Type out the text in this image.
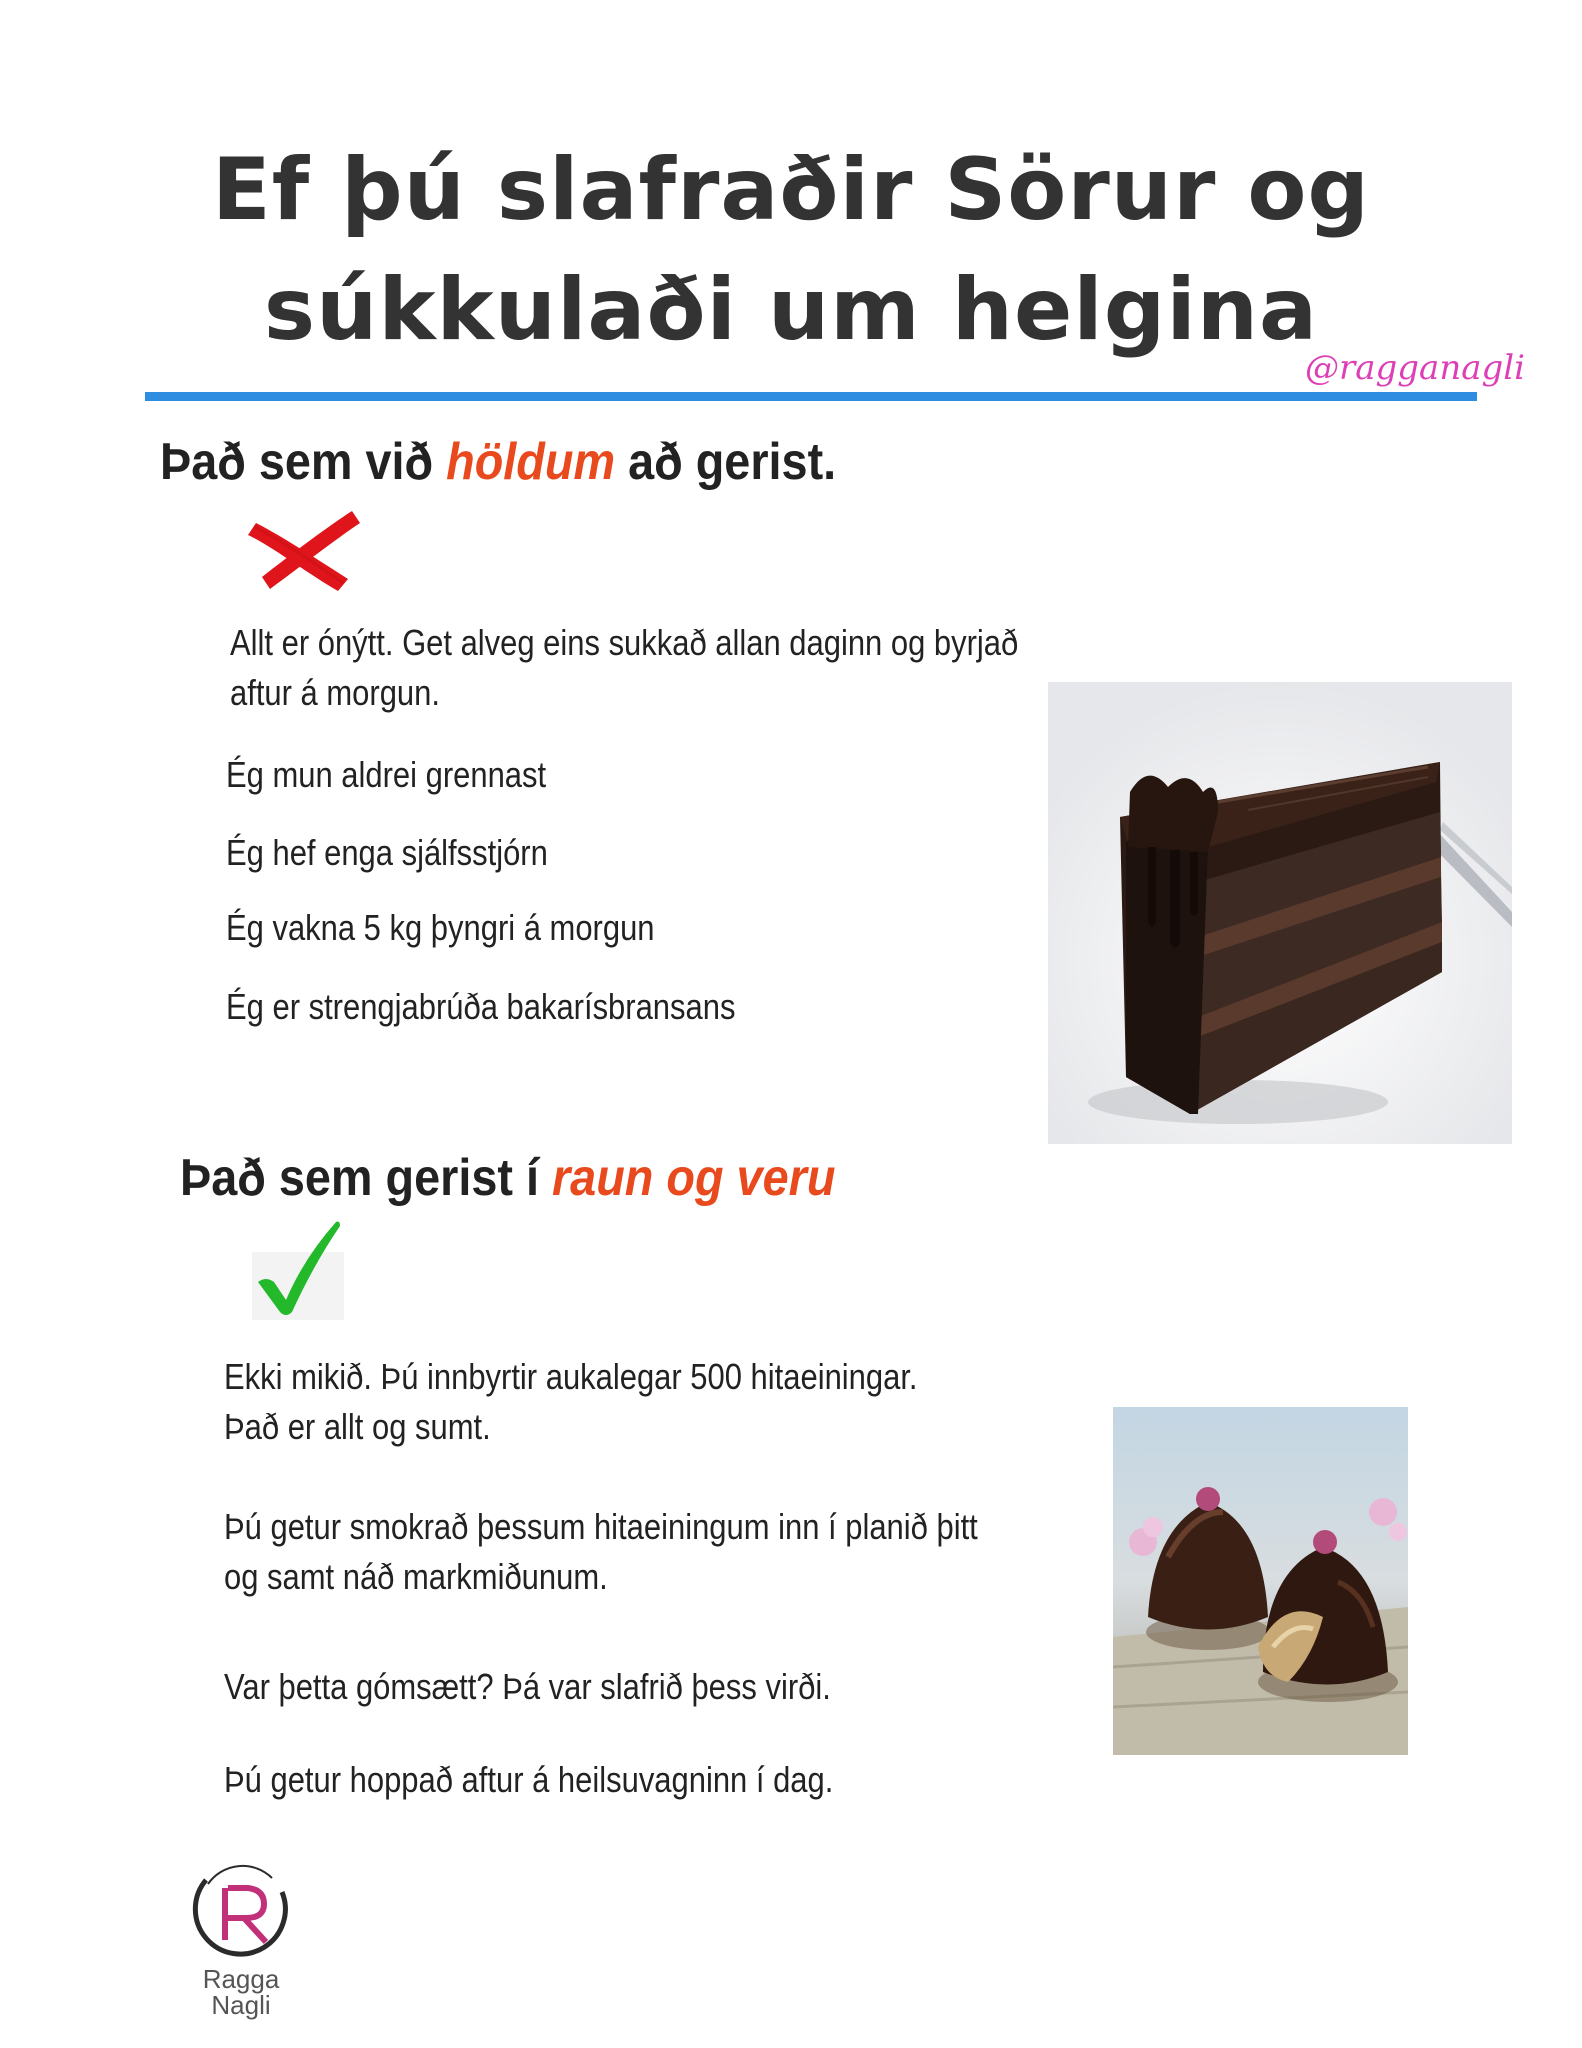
Ef þú slafraðir Sörur og
súkkulaði um helgina
@ragganagli
Það sem við höldum að gerist.
Allt er ónýtt. Get alveg eins sukkað allan daginn og byrjað
aftur á morgun.
Ég mun aldrei grennast
Ég hef enga sjálfsstjórn
Ég vakna 5 kg þyngri á morgun
Ég er strengjabrúða bakarísbransans
Það sem gerist í raun og veru
Ekki mikið. Þú innbyrtir aukalegar 500 hitaeiningar.
Það er allt og sumt.
Þú getur smokrað þessum hitaeiningum inn í planið þitt
og samt náð markmiðunum.
Var þetta gómsætt? Þá var slafrið þess virði.
Þú getur hoppað aftur á heilsuvagninn í dag.
Ragga
Nagli
